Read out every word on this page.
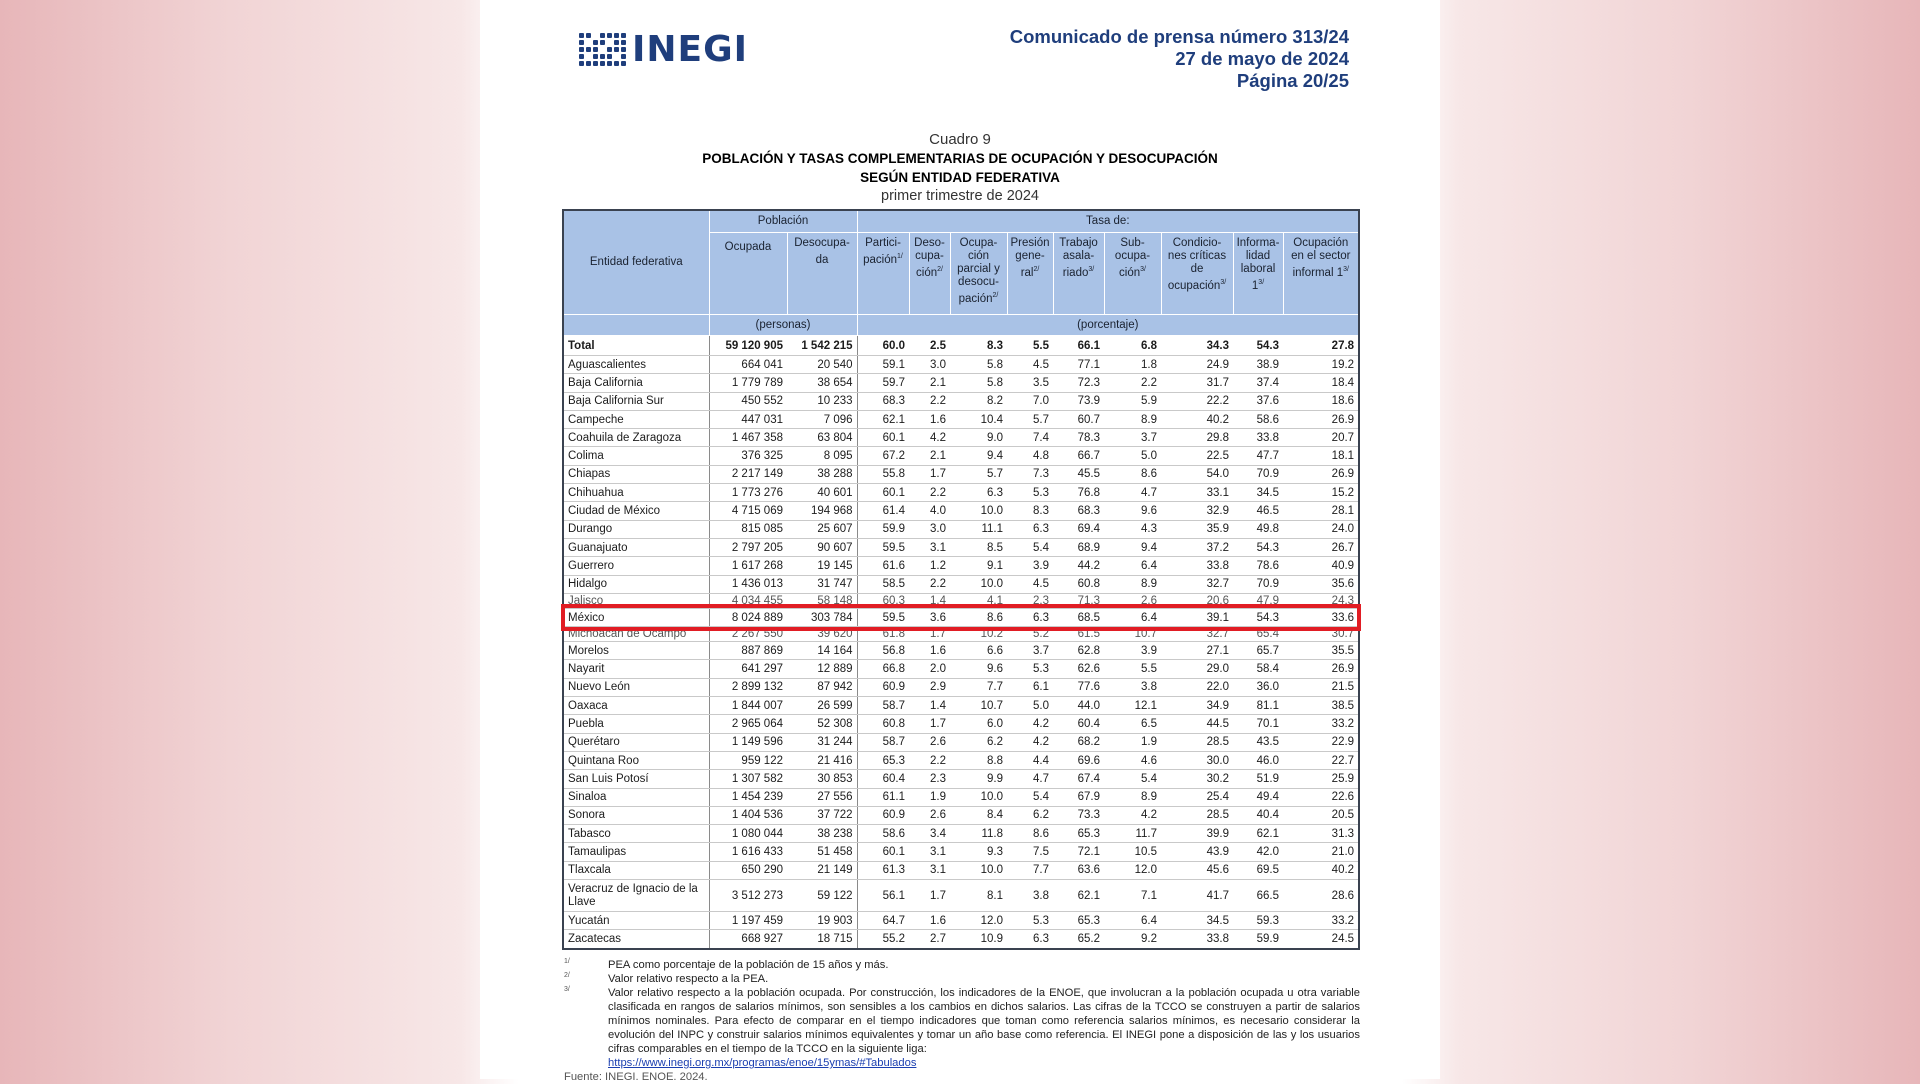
INEGI	Comunicado de prensa número 313/24
27 de mayo de 2024
Página 20/25
Cuadro 9
POBLACIÓN Y TASAS COMPLEMENTARIAS DE OCUPACIÓN Y DESOCUPACIÓN
SEGÚN ENTIDAD FEDERATIVA
primer trimestre de 2024
Entidad federativa	Población		Tasa de:								
	Ocupada	Desocupa-da	Partici-pación$^{1/}$	Deso-cupa-ción$^{2/}$	Ocupa-ción parcial y desocu-pación$^{2/}$	Presión gene-ral$^{2/}$	Trabajo asala-riado$^{3/}$	Sub-ocupa-ción$^{3/}$	Condicio-nes críticas de ocupación$^{3/}$	Informa-lidad laboral $1^{3/}$	Ocupación en el sector informal $1^{3/}$
	(personas)		(porcentaje)								
Total	59 120 905	1 542 215	60.0	2.5	8.3	5.5	66.1	6.8	34.3	54.3	27.8
Aguascalientes	664 041	20 540	59.1	3.0	5.8	4.5	77.1	1.8	24.9	38.9	19.2
Baja California	1 779 789	38 654	59.7	2.1	5.8	3.5	72.3	2.2	31.7	37.4	18.4
Baja California Sur	450 552	10 233	68.3	2.2	8.2	7.0	73.9	5.9	22.2	37.6	18.6
Campeche	447 031	7 096	62.1	1.6	10.4	5.7	60.7	8.9	40.2	58.6	26.9
Coahuila de Zaragoza	1 467 358	63 804	60.1	4.2	9.0	7.4	78.3	3.7	29.8	33.8	20.7
Colima	376 325	8 095	67.2	2.1	9.4	4.8	66.7	5.0	22.5	47.7	18.1
Chiapas	2 217 149	38 288	55.8	1.7	5.7	7.3	45.5	8.6	54.0	70.9	26.9
Chihuahua	1 773 276	40 601	60.1	2.2	6.3	5.3	76.8	4.7	33.1	34.5	15.2
Ciudad de México	4 715 069	194 968	61.4	4.0	10.0	8.3	68.3	9.6	32.9	46.5	28.1
Durango	815 085	25 607	59.9	3.0	11.1	6.3	69.4	4.3	35.9	49.8	24.0
Guanajuato	2 797 205	90 607	59.5	3.1	8.5	5.4	68.9	9.4	37.2	54.3	26.7
Guerrero	1 617 268	19 145	61.6	1.2	9.1	3.9	44.2	6.4	33.8	78.6	40.9
Hidalgo	1 436 013	31 747	58.5	2.2	10.0	4.5	60.8	8.9	32.7	70.9	35.6
Jalisco	4 034 455	58 148	60.3	1.4	4.1	2.3	71.3	2.6	20.6	47.9	24.3
México	8 024 889	303 784	59.5	3.6	8.6	6.3	68.5	6.4	39.1	54.3	33.6
Michoacán de Ocampo	2 267 550	39 620	61.8	1.7	10.2	5.2	61.5	10.7	32.7	65.4	30.7
Morelos	887 869	14 164	56.8	1.6	6.6	3.7	62.8	3.9	27.1	65.7	35.5
Nayarit	641 297	12 889	66.8	2.0	9.6	5.3	62.6	5.5	29.0	58.4	26.9
Nuevo León	2 899 132	87 942	60.9	2.9	7.7	6.1	77.6	3.8	22.0	36.0	21.5
Oaxaca	1 844 007	26 599	58.7	1.4	10.7	5.0	44.0	12.1	34.9	81.1	38.5
Puebla	2 965 064	52 308	60.8	1.7	6.0	4.2	60.4	6.5	44.5	70.1	33.2
Querétaro	1 149 596	31 244	58.7	2.6	6.2	4.2	68.2	1.9	28.5	43.5	22.9
Quintana Roo	959 122	21 416	65.3	2.2	8.8	4.4	69.6	4.6	30.0	46.0	22.7
San Luis Potosí	1 307 582	30 853	60.4	2.3	9.9	4.7	67.4	5.4	30.2	51.9	25.9
Sinaloa	1 454 239	27 556	61.1	1.9	10.0	5.4	67.9	8.9	25.4	49.4	22.6
Sonora	1 404 536	37 722	60.9	2.6	8.4	6.2	73.3	4.2	28.5	40.4	20.5
Tabasco	1 080 044	38 238	58.6	3.4	11.8	8.6	65.3	11.7	39.9	62.1	31.3
Tamaulipas	1 616 433	51 458	60.1	3.1	9.3	7.5	72.1	10.5	43.9	42.0	21.0
Tlaxcala	650 290	21 149	61.3	3.1	10.0	7.7	63.6	12.0	45.6	69.5	40.2
Veracruz de Ignacio de la Llave	3 512 273	59 122	56.1	1.7	8.1	3.8	62.1	7.1	41.7	66.5	28.6
Yucatán	1 197 459	19 903	64.7	1.6	12.0	5.3	65.3	6.4	34.5	59.3	33.2
Zacatecas	668 927	18 715	55.2	2.7	10.9	6.3	65.2	9.2	33.8	59.9	24.5
1/	PEA como porcentaje de la población de 15 años y más.

2/	Valor relativo respecto a la PEA.

3/	Valor relativo respecto a la población ocupada. Por construcción, los indicadores de la ENOE, que involucran a la población ocupada u otra variable clasificada en rangos de salarios mínimos, son sensibles a los cambios en dichos salarios. Las cifras de la TCCO se construyen a partir de salarios mínimos nominales. Para efecto de comparar en el tiempo indicadores que toman como referencia salarios mínimos, es necesario considerar la evolución del INPC y construir salarios mínimos equivalentes y tomar un año base como referencia. El INEGI pone a disposición de las y los usuarios cifras comparables en el tiempo de la TCCO en la siguiente liga:
https://www.inegi.org.mx/programas/enoe/15ymas/#Tabulados

Fuente: INEGI. ENOE. 2024.
